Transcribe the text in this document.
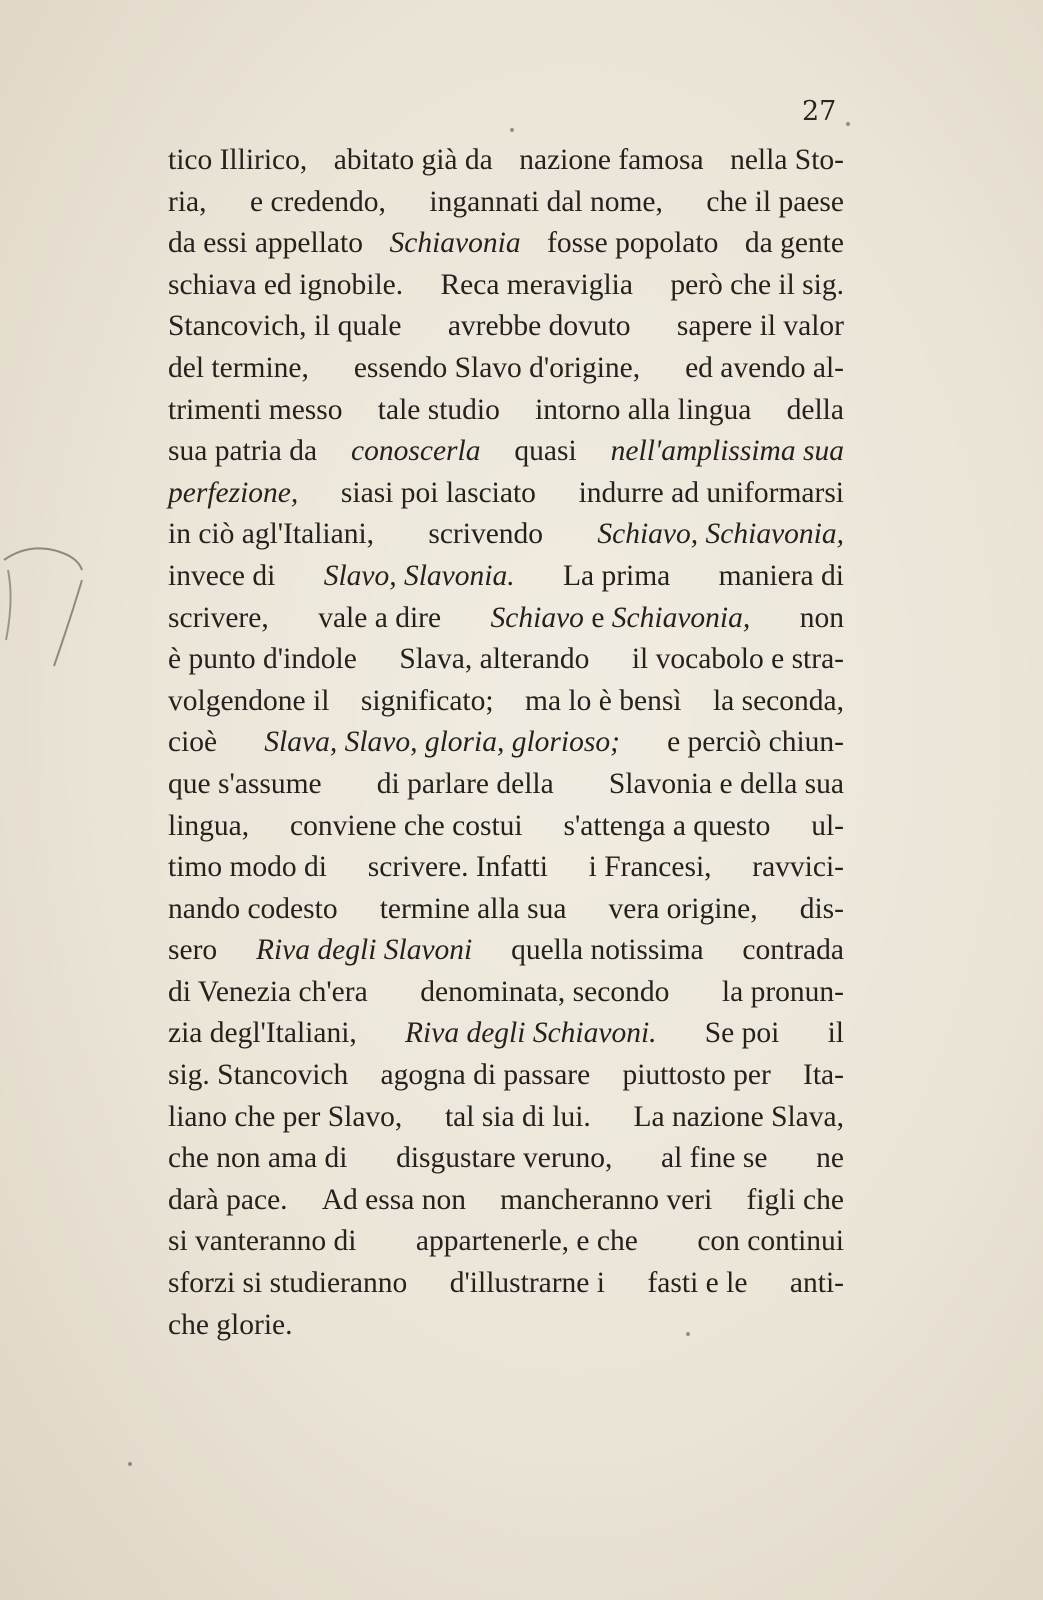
27
tico Illirico, abitato già da nazione famosa nella Sto-
ria, e credendo, ingannati dal nome, che il paese
da essi appellato Schiavonia fosse popolato da gente
schiava ed ignobile. Reca meraviglia però che il sig.
Stancovich, il quale avrebbe dovuto sapere il valor
del termine, essendo Slavo d'origine, ed avendo al-
trimenti messo tale studio intorno alla lingua della
sua patria da conoscerla quasi nell'amplissima sua
perfezione, siasi poi lasciato indurre ad uniformarsi
in ciò agl'Italiani, scrivendo Schiavo, Schiavonia,
invece di Slavo, Slavonia. La prima maniera di
scrivere, vale a dire Schiavo e Schiavonia, non
è punto d'indole Slava, alterando il vocabolo e stra-
volgendone il significato; ma lo è bensì la seconda,
cioè Slava, Slavo, gloria, glorioso; e perciò chiun-
que s'assume di parlare della Slavonia e della sua
lingua, conviene che costui s'attenga a questo ul-
timo modo di scrivere. Infatti i Francesi, ravvici-
nando codesto termine alla sua vera origine, dis-
sero Riva degli Slavoni quella notissima contrada
di Venezia ch'era denominata, secondo la pronun-
zia degl'Italiani, Riva degli Schiavoni. Se poi il
sig. Stancovich agogna di passare piuttosto per Ita-
liano che per Slavo, tal sia di lui. La nazione Slava,
che non ama di disgustare veruno, al fine se ne
darà pace. Ad essa non mancheranno veri figli che
si vanteranno di appartenerle, e che con continui
sforzi si studieranno d'illustrarne i fasti e le anti-
che glorie.
